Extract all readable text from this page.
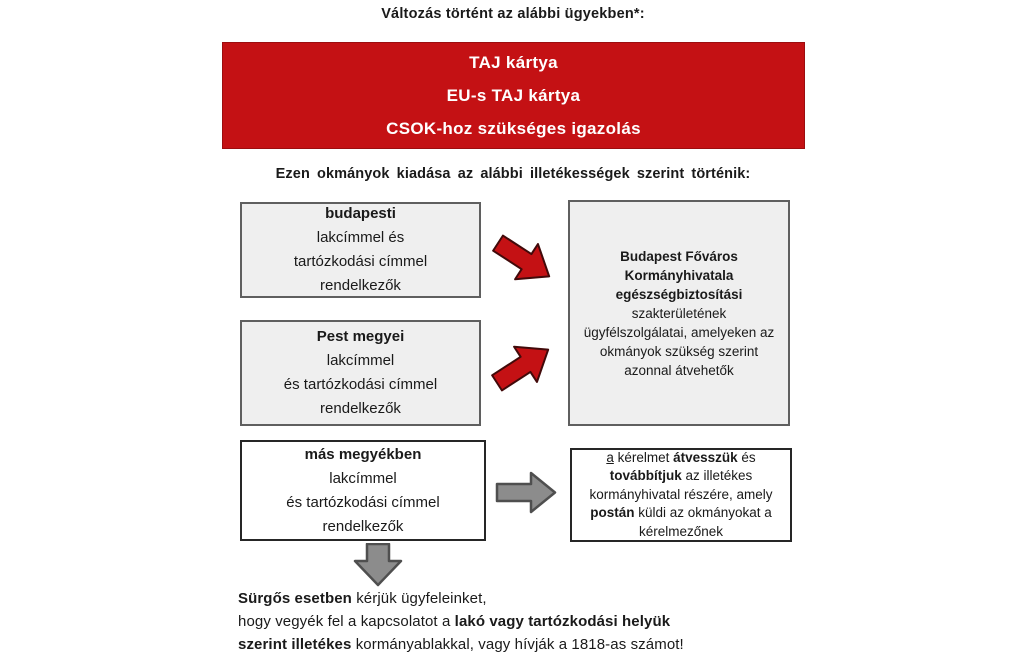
Változás történt az alábbi ügyekben*:
TAJ kártya
EU-s TAJ kártya
CSOK-hoz szükséges igazolás
Ezen okmányok kiadása az alábbi illetékességek szerint történik:
budapesti
lakcímmel és
tartózkodási címmel
rendelkezők
Pest megyei
lakcímmel
és tartózkodási címmel
rendelkezők
Budapest Főváros
Kormányhivatala
egészségbiztosítási
szakterületének
ügyfélszolgálatai, amelyeken az
okmányok szükség szerint
azonnal átvehetők
más megyékben
lakcímmel
és tartózkodási címmel
rendelkezők
a kérelmet átvesszük és
továbbítjuk az illetékes
kormányhivatal részére, amely
postán küldi az okmányokat a
kérelmezőnek
Sürgős esetben kérjük ügyfeleinket,
hogy vegyék fel a kapcsolatot a lakó vagy tartózkodási helyük
szerint illetékes kormányablakkal, vagy hívják a 1818-as számot!
